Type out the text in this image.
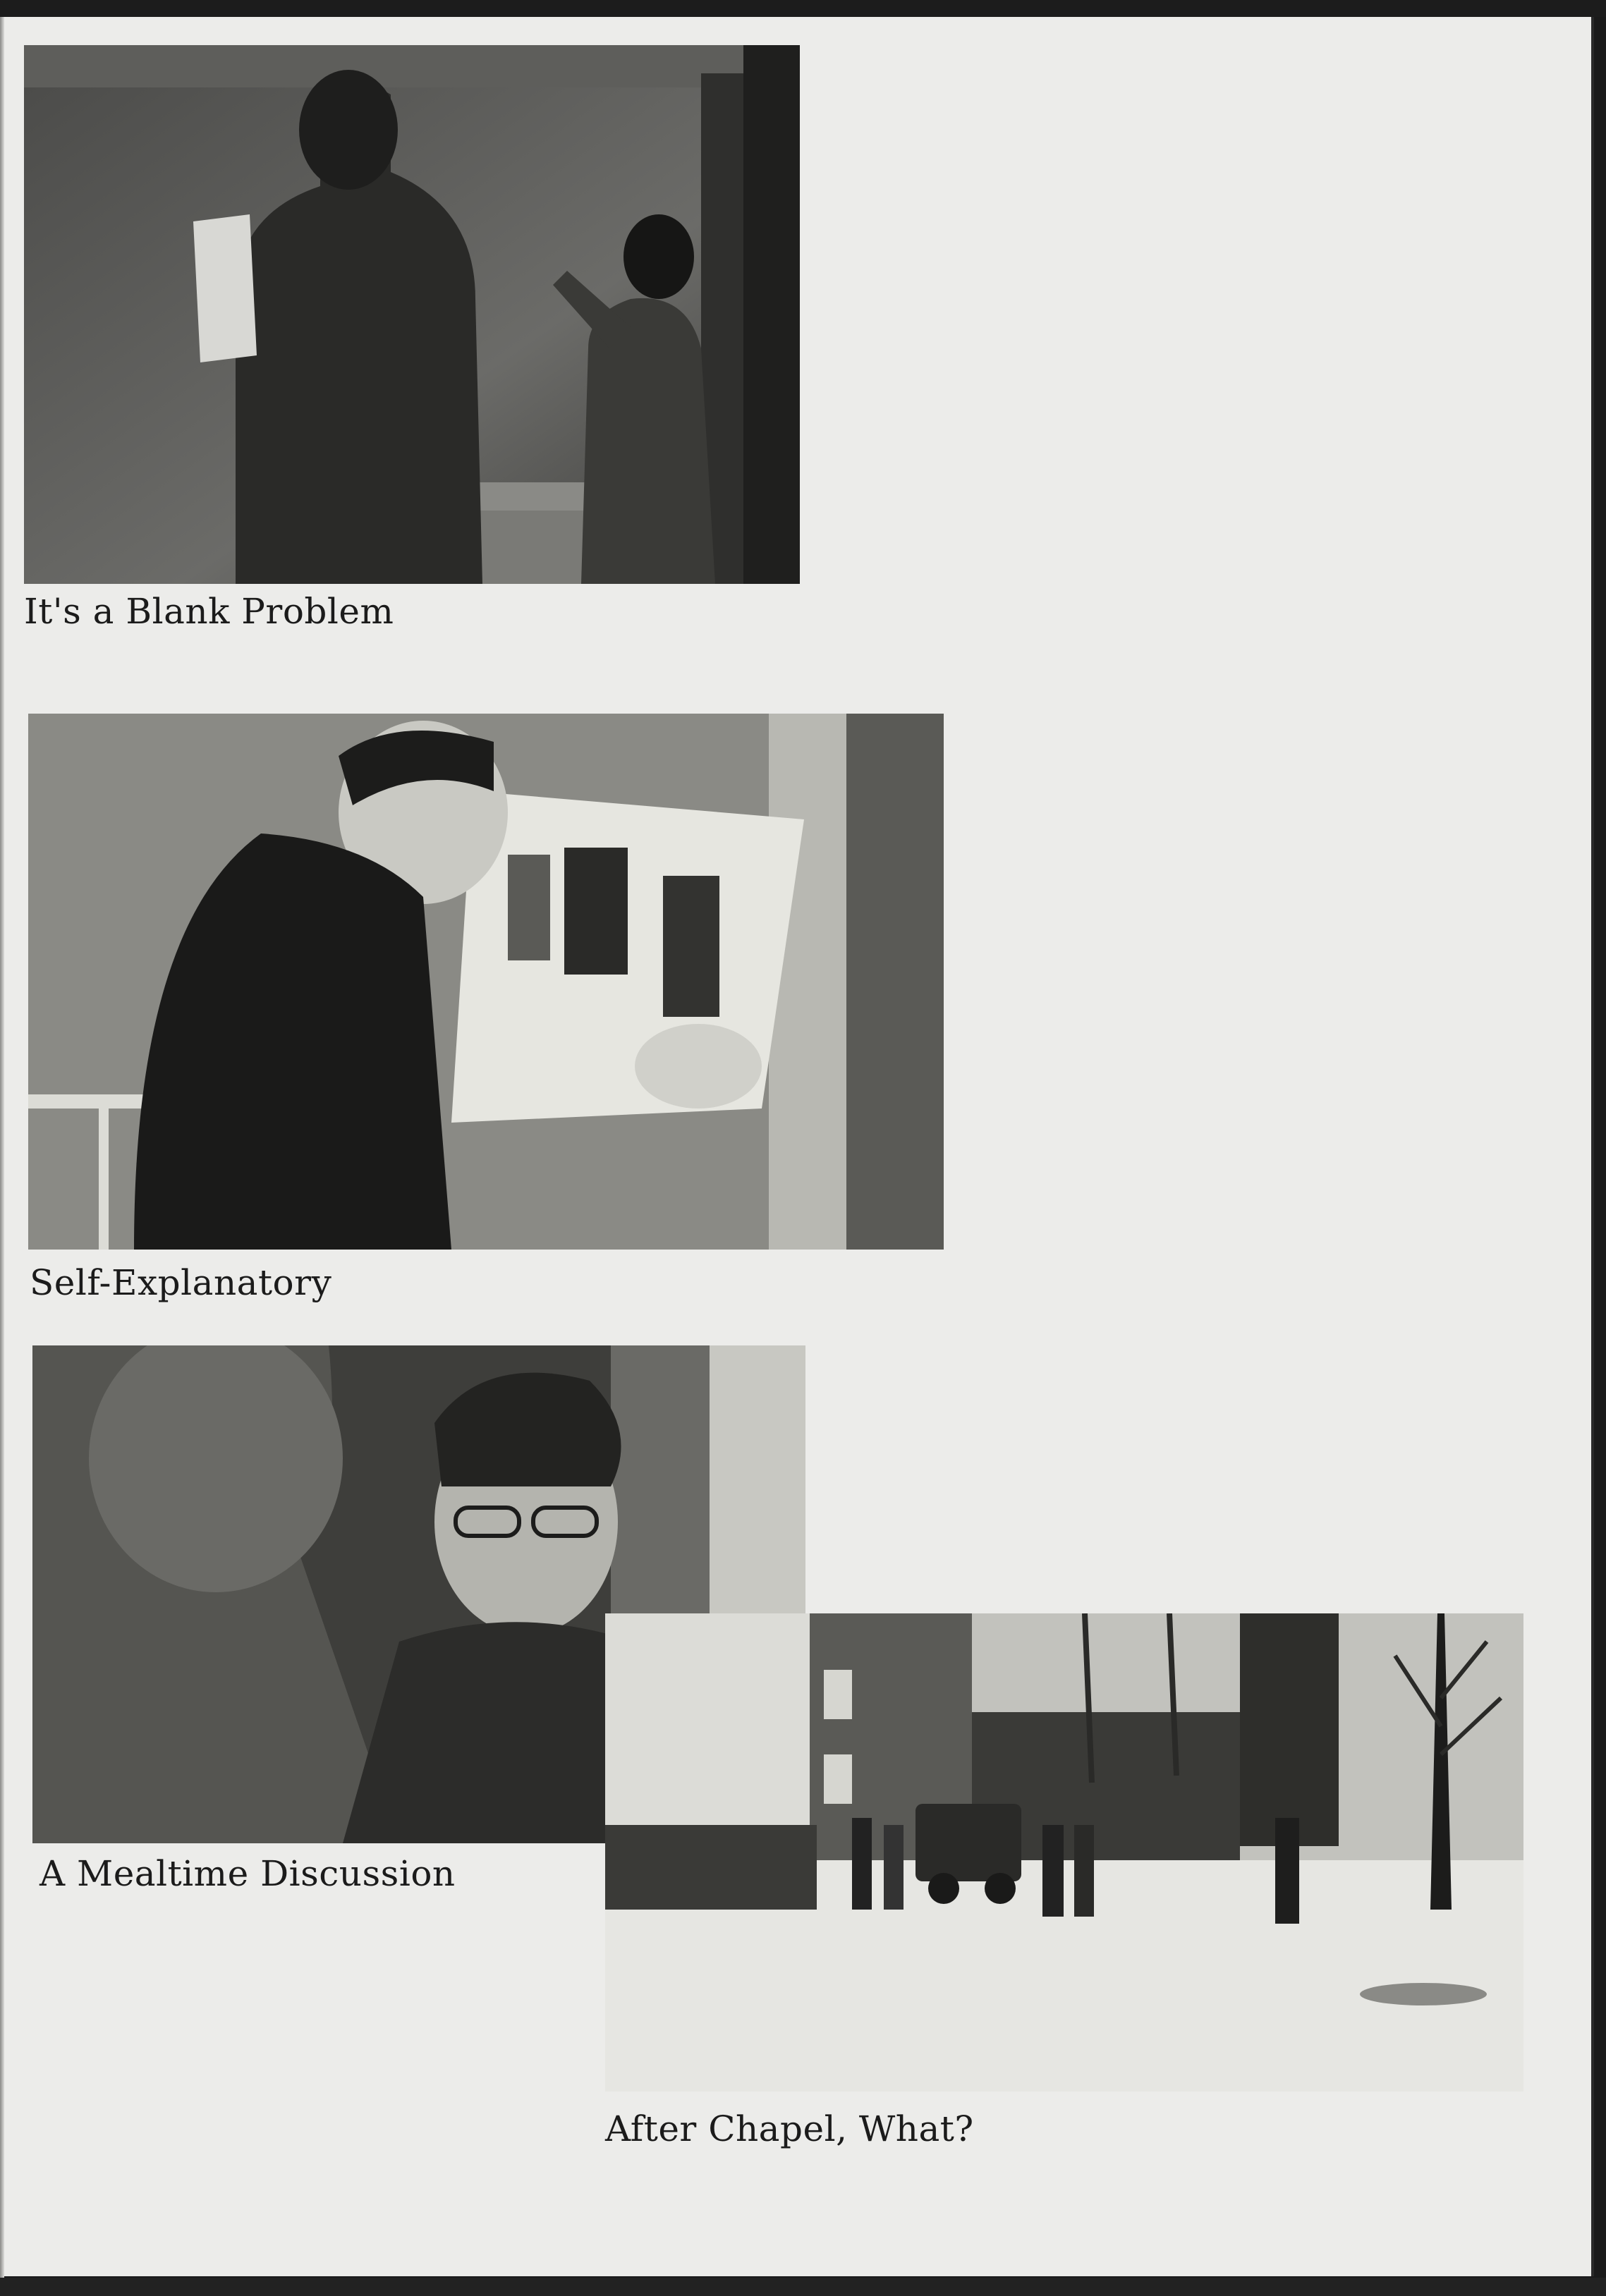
It's a Blank Problem
Self-Explanatory
A Mealtime Discussion
After Chapel, What?
